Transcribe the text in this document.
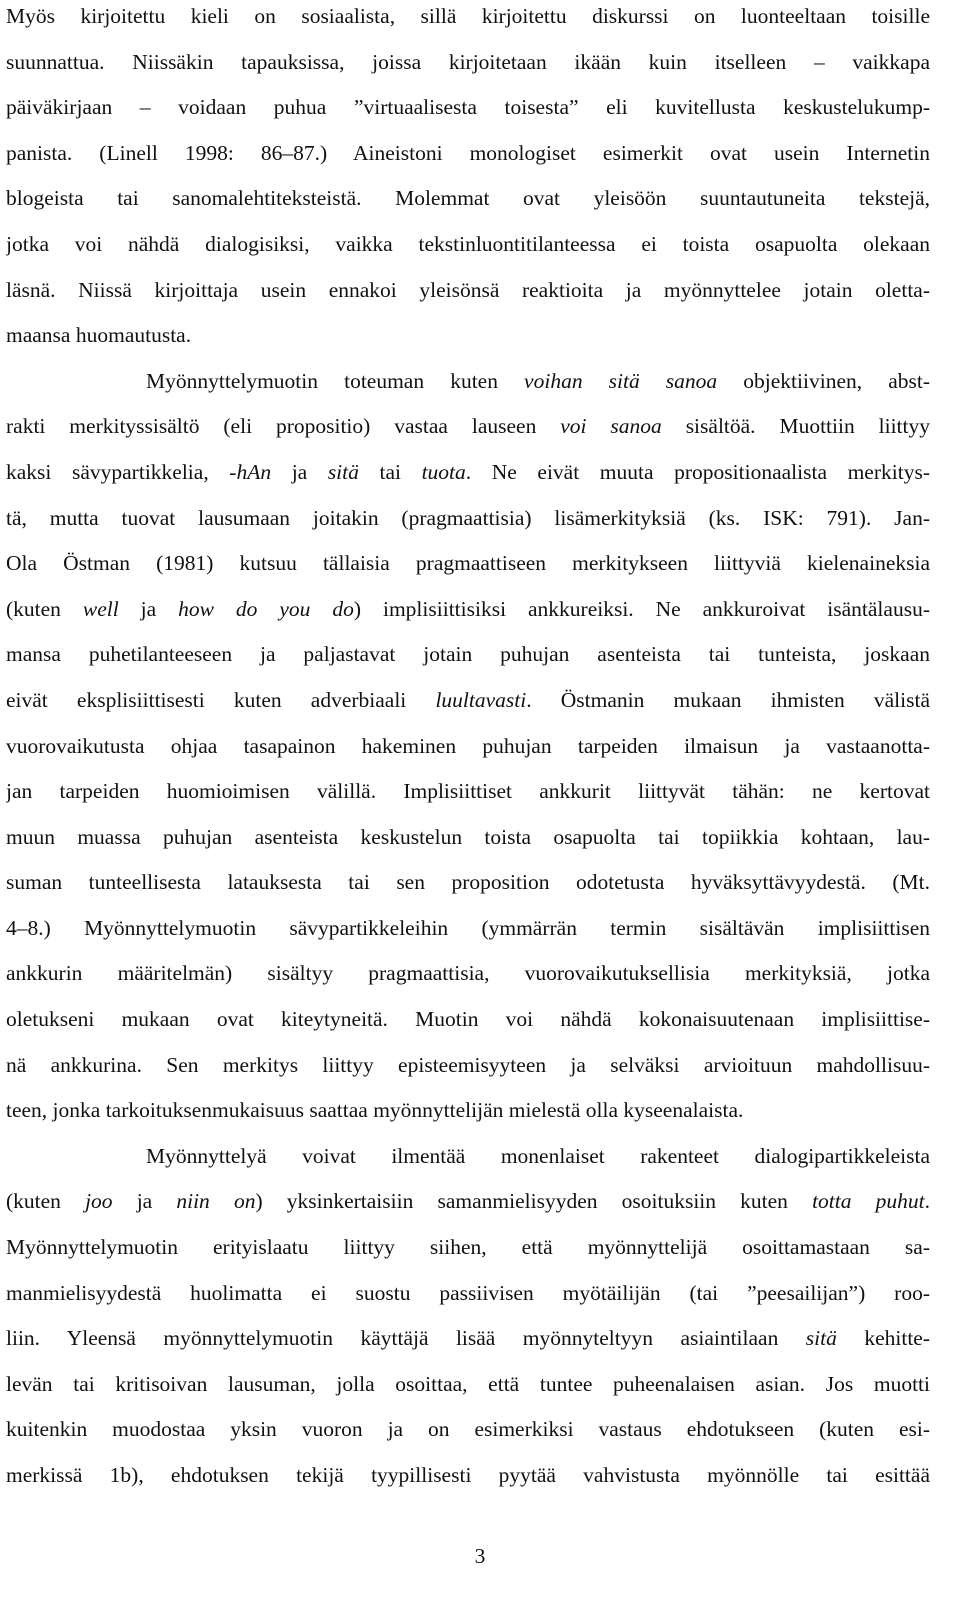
Myös kirjoitettu kieli on sosiaalista, sillä kirjoitettu diskurssi on luonteeltaan toisille
suunnattua. Niissäkin tapauksissa, joissa kirjoitetaan ikään kuin itselleen – vaikkapa
päiväkirjaan – voidaan puhua ”virtuaalisesta toisesta” eli kuvitellusta keskustelukump-
panista. (Linell 1998: 86–87.) Aineistoni monologiset esimerkit ovat usein Internetin
blogeista tai sanomalehtiteksteistä. Molemmat ovat yleisöön suuntautuneita tekstejä,
jotka voi nähdä dialogisiksi, vaikka tekstinluontitilanteessa ei toista osapuolta olekaan
läsnä. Niissä kirjoittaja usein ennakoi yleisönsä reaktioita ja myönnyttelee jotain oletta-
maansa huomautusta.
Myönnyttelymuotin toteuman kuten voihan sitä sanoa objektiivinen, abst-
rakti merkityssisältö (eli propositio) vastaa lauseen voi sanoa sisältöä. Muottiin liittyy
kaksi sävypartikkelia, -hAn ja sitä tai tuota. Ne eivät muuta propositionaalista merkitys-
tä, mutta tuovat lausumaan joitakin (pragmaattisia) lisämerkityksiä (ks. ISK: 791). Jan-
Ola Östman (1981) kutsuu tällaisia pragmaattiseen merkitykseen liittyviä kielenaineksia
(kuten well ja how do you do) implisiittisiksi ankkureiksi. Ne ankkuroivat isäntälausu-
mansa puhetilanteeseen ja paljastavat jotain puhujan asenteista tai tunteista, joskaan
eivät eksplisiittisesti kuten adverbiaali luultavasti. Östmanin mukaan ihmisten välistä
vuorovaikutusta ohjaa tasapainon hakeminen puhujan tarpeiden ilmaisun ja vastaanotta-
jan tarpeiden huomioimisen välillä. Implisiittiset ankkurit liittyvät tähän: ne kertovat
muun muassa puhujan asenteista keskustelun toista osapuolta tai topiikkia kohtaan, lau-
suman tunteellisesta latauksesta tai sen proposition odotetusta hyväksyttävyydestä. (Mt.
4–8.) Myönnyttelymuotin sävypartikkeleihin (ymmärrän termin sisältävän implisiittisen
ankkurin määritelmän) sisältyy pragmaattisia, vuorovaikutuksellisia merkityksiä, jotka
oletukseni mukaan ovat kiteytyneitä. Muotin voi nähdä kokonaisuutenaan implisiittise-
nä ankkurina. Sen merkitys liittyy episteemisyyteen ja selväksi arvioituun mahdollisuu-
teen, jonka tarkoituksenmukaisuus saattaa myönnyttelijän mielestä olla kyseenalaista.
Myönnyttelyä voivat ilmentää monenlaiset rakenteet dialogipartikkeleista
(kuten joo ja niin on) yksinkertaisiin samanmielisyyden osoituksiin kuten totta puhut.
Myönnyttelymuotin erityislaatu liittyy siihen, että myönnyttelijä osoittamastaan sa-
manmielisyydestä huolimatta ei suostu passiivisen myötäilijän (tai ”peesailijan”) roo-
liin. Yleensä myönnyttelymuotin käyttäjä lisää myönnyteltyyn asiaintilaan sitä kehitte-
levän tai kritisoivan lausuman, jolla osoittaa, että tuntee puheenalaisen asian. Jos muotti
kuitenkin muodostaa yksin vuoron ja on esimerkiksi vastaus ehdotukseen (kuten esi-
merkissä 1b), ehdotuksen tekijä tyypillisesti pyytää vahvistusta myönnölle tai esittää
3
